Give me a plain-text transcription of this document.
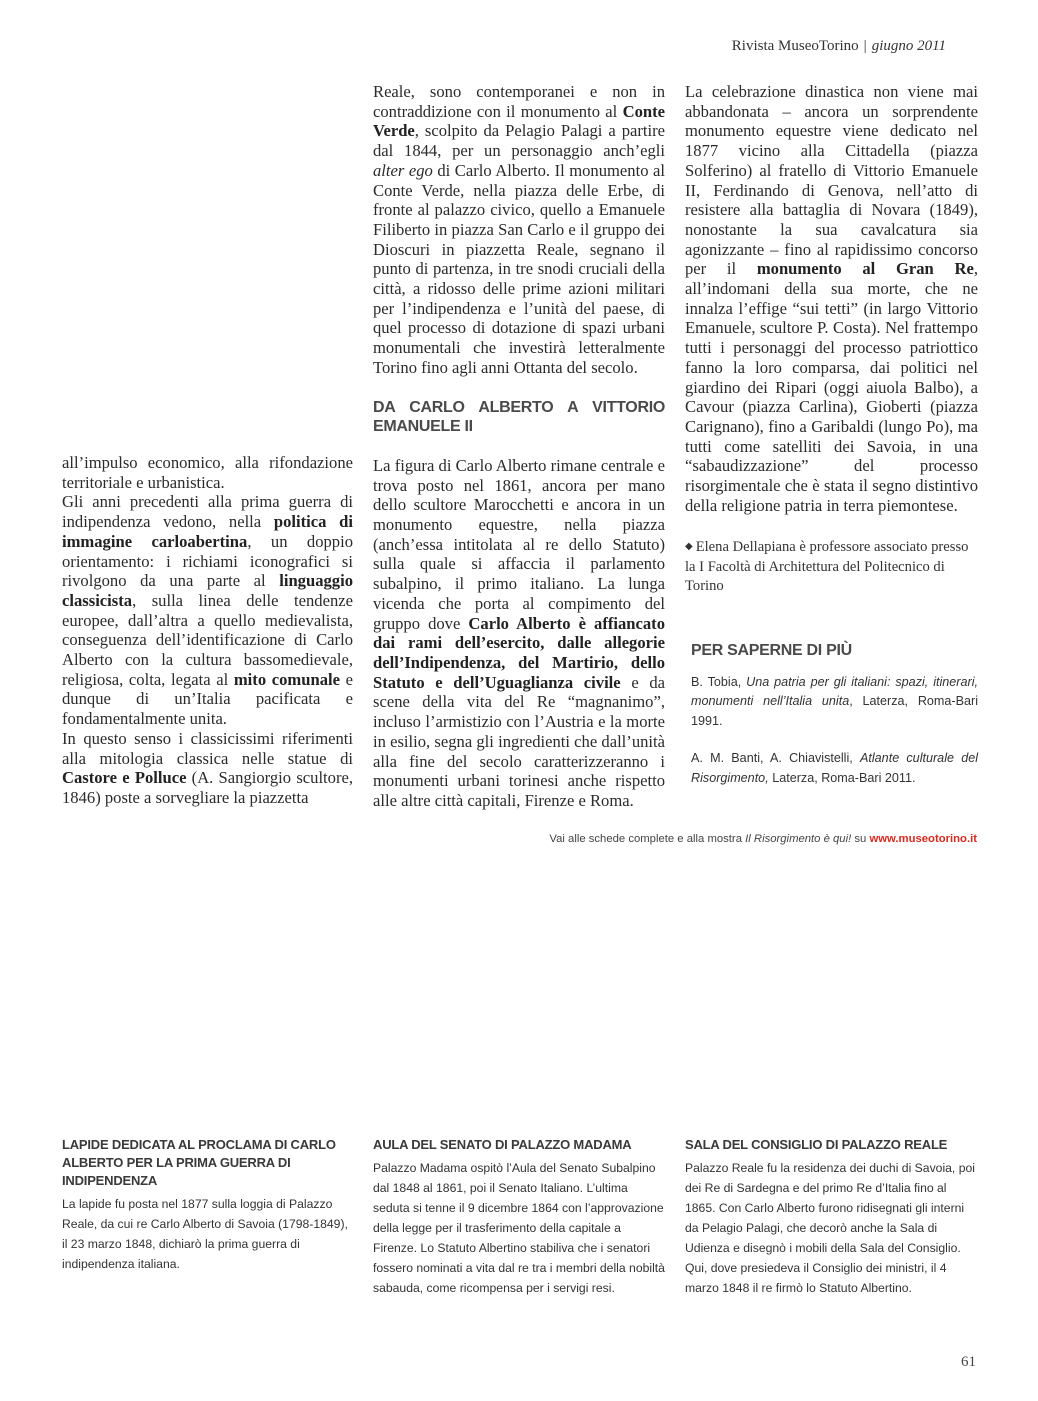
Rivista MuseoTorino | giugno 2011

all’impulso economico, alla rifondazione territoriale e urbanistica.

Gli anni precedenti alla prima guerra di indipendenza vedono, nella politica di immagine carloabertina, un doppio orientamento: i richiami iconografici si rivolgono da una parte al linguaggio classicista, sulla linea delle tendenze europee, dall’altra a quello medievalista, conseguenza dell’identificazione di Carlo Alberto con la cultura bassomedievale, religiosa, colta, legata al mito comunale e dunque di un’Italia pacificata e fondamentalmente unita.

In questo senso i classicissimi riferimenti alla mitologia classica nelle statue di Castore e Polluce (A. Sangiorgio scultore, 1846) poste a sorvegliare la piazzetta

Reale, sono contemporanei e non in contraddizione con il monumento al Conte Verde, scolpito da Pelagio Palagi a partire dal 1844, per un personaggio anch’egli alter ego di Carlo Alberto. Il monumento al Conte Verde, nella piazza delle Erbe, di fronte al palazzo civico, quello a Emanuele Filiberto in piazza San Carlo e il gruppo dei Dioscuri in piazzetta Reale, segnano il punto di partenza, in tre snodi cruciali della città, a ridosso delle prime azioni militari per l’indipendenza e l’unità del paese, di quel processo di dotazione di spazi urbani monumentali che investirà letteralmente Torino fino agli anni Ottanta del secolo.

DA CARLO ALBERTO A VITTORIO EMANUELE II

La figura di Carlo Alberto rimane centrale e trova posto nel 1861, ancora per mano dello scultore Marocchetti e ancora in un monumento equestre, nella piazza (anch’essa intitolata al re dello Statuto) sulla quale si affaccia il parlamento subalpino, il primo italiano. La lunga vicenda che porta al compimento del gruppo dove Carlo Alberto è affiancato dai rami dell’esercito, dalle allegorie dell’Indipendenza, del Martirio, dello Statuto e dell’Uguaglianza civile e da scene della vita del Re “magnanimo”, incluso l’armistizio con l’Austria e la morte in esilio, segna gli ingredienti che dall’unità alla fine del secolo caratterizzeranno i monumenti urbani torinesi anche rispetto alle altre città capitali, Firenze e Roma.

La celebrazione dinastica non viene mai abbandonata – ancora un sorprendente monumento equestre viene dedicato nel 1877 vicino alla Cittadella (piazza Solferino) al fratello di Vittorio Emanuele II, Ferdinando di Genova, nell’atto di resistere alla battaglia di Novara (1849), nonostante la sua cavalcatura sia agonizzante – fino al rapidissimo concorso per il monumento al Gran Re, all’indomani della sua morte, che ne innalza l’effige “sui tetti” (in largo Vittorio Emanuele, scultore P. Costa). Nel frattempo tutti i personaggi del processo patriottico fanno la loro comparsa, dai politici nel giardino dei Ripari (oggi aiuola Balbo), a Cavour (piazza Carlina), Gioberti (piazza Carignano), fino a Garibaldi (lungo Po), ma tutti come satelliti dei Savoia, in una “sabaudizzazione” del processo risorgimentale che è stata il segno distintivo della religione patria in terra piemontese.

◆ Elena Dellapiana è professore associato presso la I Facoltà di Architettura del Politecnico di Torino

PER SAPERNE DI PIÙ

B. Tobia, Una patria per gli italiani: spazi, itinerari, monumenti nell’Italia unita, Laterza, Roma-Bari 1991.

A. M. Banti, A. Chiavistelli, Atlante culturale del Risorgimento, Laterza, Roma-Bari 2011.

Vai alle schede complete e alla mostra Il Risorgimento è qui! su www.museotorino.it
LAPIDE DEDICATA AL PROCLAMA DI CARLO ALBERTO PER LA PRIMA GUERRA DI INDIPENDENZA

La lapide fu posta nel 1877 sulla loggia di Palazzo Reale, da cui re Carlo Alberto di Savoia (1798-1849), il 23 marzo 1848, dichiarò la prima guerra di indipendenza italiana.

AULA DEL SENATO DI PALAZZO MADAMA

Palazzo Madama ospitò l’Aula del Senato Subalpino dal 1848 al 1861, poi il Senato Italiano. L’ultima seduta si tenne il 9 dicembre 1864 con l’approvazione della legge per il trasferimento della capitale a Firenze. Lo Statuto Albertino stabiliva che i senatori fossero nominati a vita dal re tra i membri della nobiltà sabauda, come ricompensa per i servigi resi.

SALA DEL CONSIGLIO DI PALAZZO REALE

Palazzo Reale fu la residenza dei duchi di Savoia, poi dei Re di Sardegna e del primo Re d’Italia fino al 1865. Con Carlo Alberto furono ridisegnati gli interni da Pelagio Palagi, che decorò anche la Sala di Udienza e disegnò i mobili della Sala del Consiglio. Qui, dove presiedeva il Consiglio dei ministri, il 4 marzo 1848 il re firmò lo Statuto Albertino.

61
